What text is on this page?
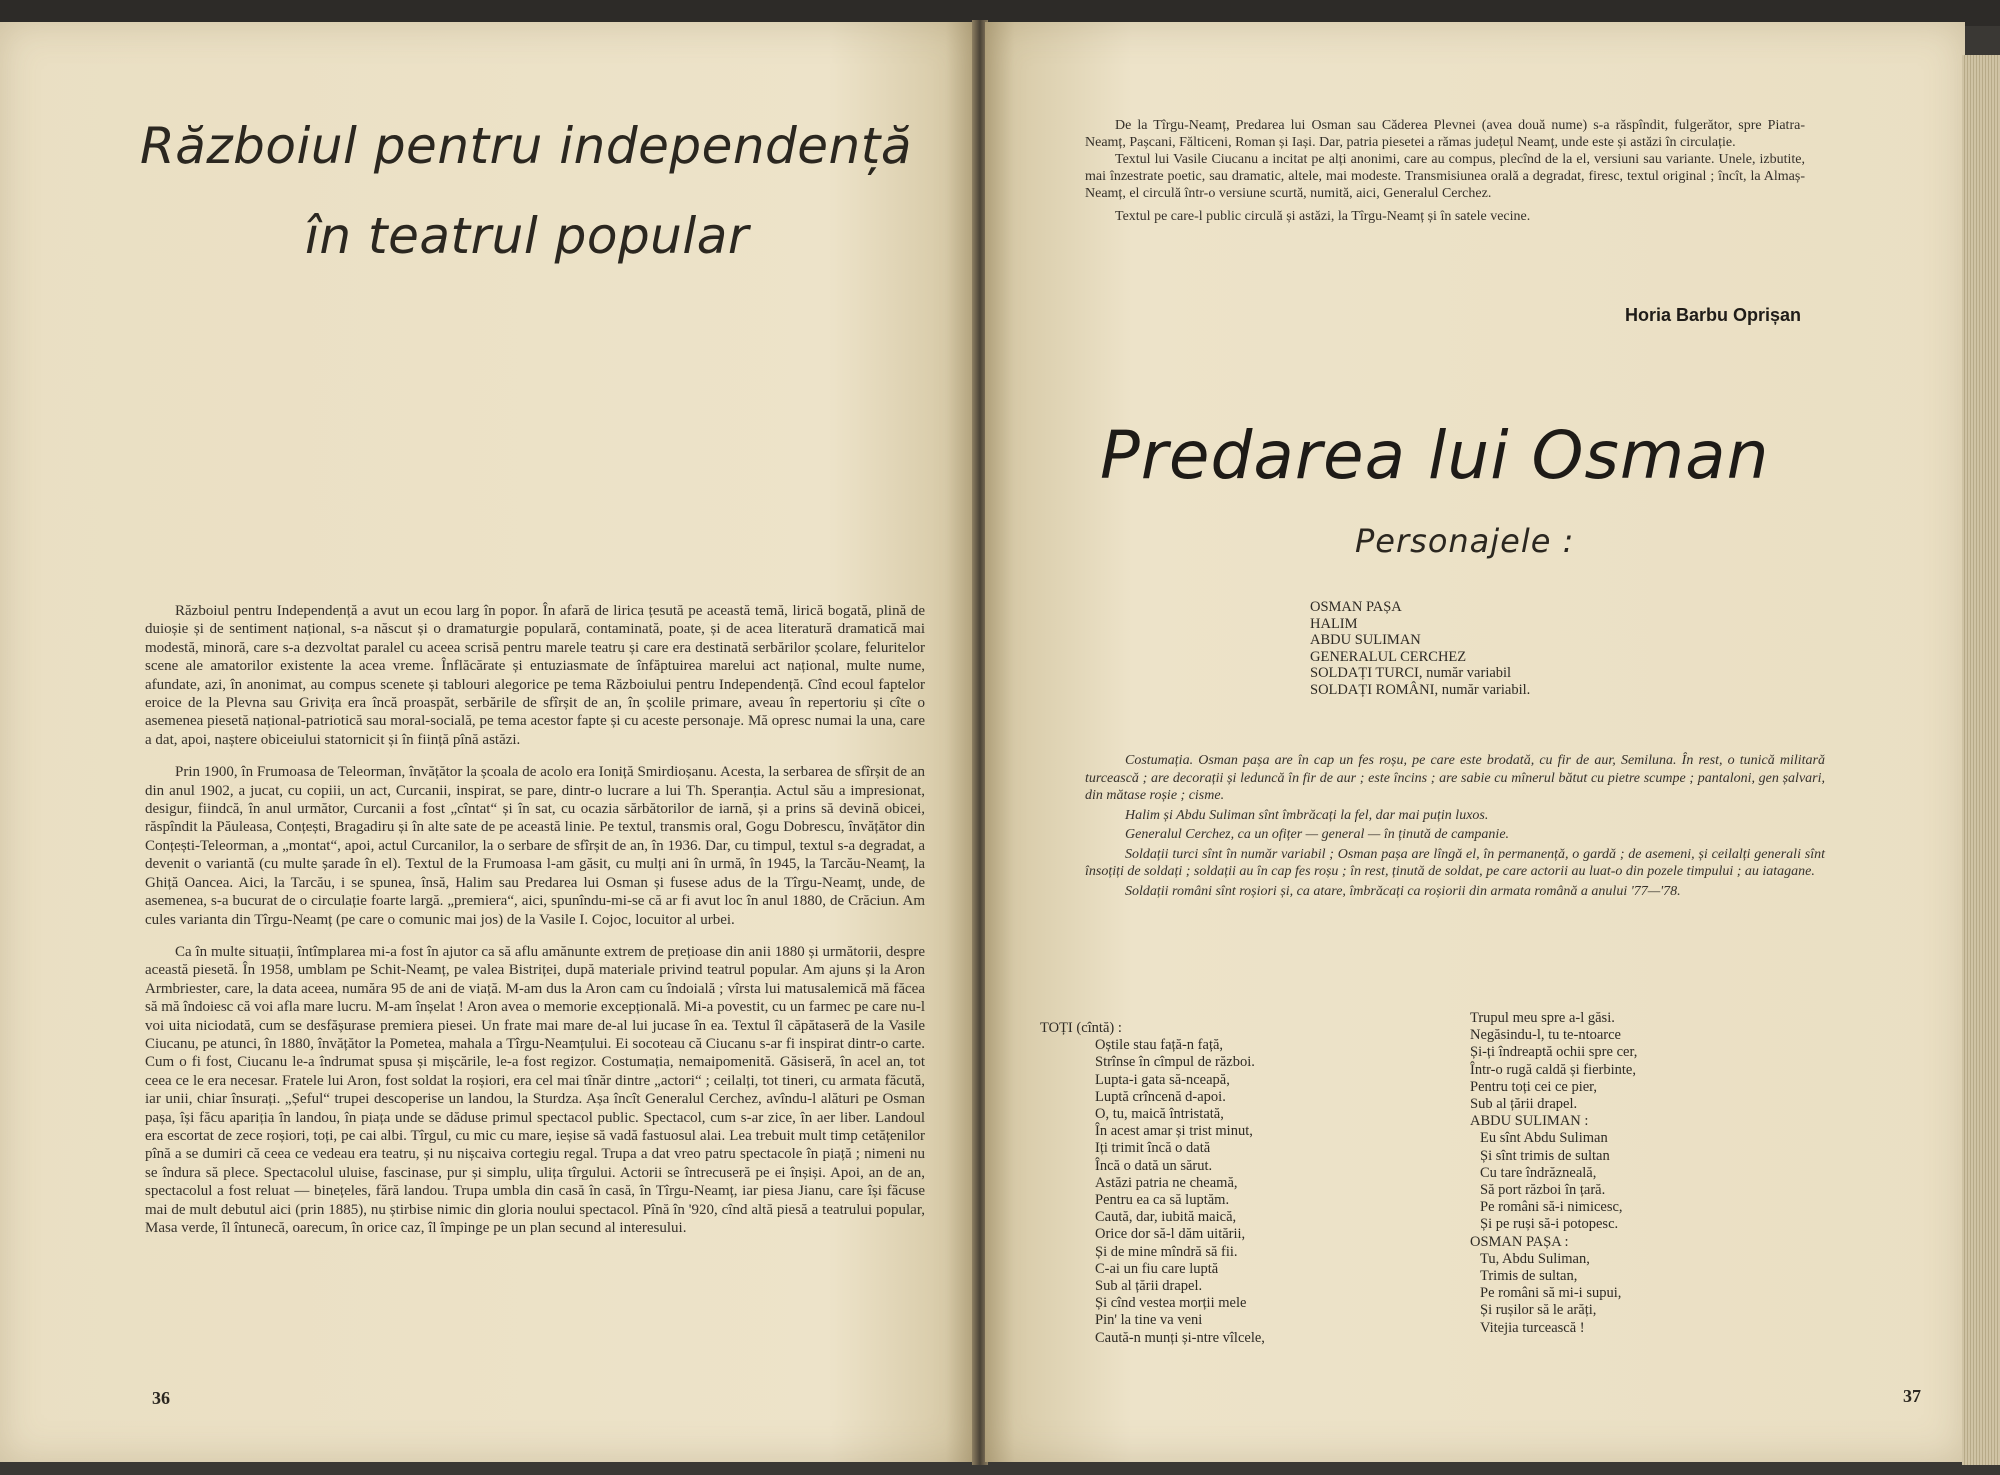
Războiul pentru independență
în teatrul popular

Războiul pentru Independență a avut un ecou larg în popor. În afară de lirica țesută pe această temă, lirică bogată, plină de duioșie și de sentiment național, s-a născut și o dramaturgie populară, contaminată, poate, și de acea literatură dramatică mai modestă, minoră, care s-a dezvoltat paralel cu aceea scrisă pentru marele teatru și care era destinată serbărilor școlare, feluritelor scene ale amatorilor existente la acea vreme. Înflăcărate și entuziasmate de înfăptuirea marelui act național, multe nume, afundate, azi, în anonimat, au compus scenete și tablouri alegorice pe tema Războiului pentru Independență. Cînd ecoul faptelor eroice de la Plevna sau Grivița era încă proaspăt, serbările de sfîrșit de an, în școlile primare, aveau în repertoriu și cîte o asemenea piesetă național-patriotică sau moral-socială, pe tema acestor fapte și cu aceste personaje. Mă opresc numai la una, care a dat, apoi, naștere obiceiului statornicit și în ființă pînă astăzi.

Prin 1900, în Frumoasa de Teleorman, învățător la școala de acolo era Ioniță Smirdioșanu. Acesta, la serbarea de sfîrșit de an din anul 1902, a jucat, cu copiii, un act, Curcanii, inspirat, se pare, dintr-o lucrare a lui Th. Speranția. Actul său a impresionat, desigur, fiindcă, în anul următor, Curcanii a fost „cîntat“ și în sat, cu ocazia sărbătorilor de iarnă, și a prins să devină obicei, răspîndit la Păuleasa, Conțești, Bragadiru și în alte sate de pe această linie. Pe textul, transmis oral, Gogu Dobrescu, învățător din Conțești-Teleorman, a „montat“, apoi, actul Curcanilor, la o serbare de sfîrșit de an, în 1936. Dar, cu timpul, textul s-a degradat, a devenit o variantă (cu multe șarade în el). Textul de la Frumoasa l-am găsit, cu mulți ani în urmă, în 1945, la Tarcău-Neamț, la Ghiță Oancea. Aici, la Tarcău, i se spunea, însă, Halim sau Predarea lui Osman și fusese adus de la Tîrgu-Neamț, unde, de asemenea, s-a bucurat de o circulație foarte largă. „premiera“, aici, spunîndu-mi-se că ar fi avut loc în anul 1880, de Crăciun. Am cules varianta din Tîrgu-Neamț (pe care o comunic mai jos) de la Vasile I. Cojoc, locuitor al urbei.

Ca în multe situații, întîmplarea mi-a fost în ajutor ca să aflu amănunte extrem de prețioase din anii 1880 și următorii, despre această piesetă. În 1958, umblam pe Schit-Neamț, pe valea Bistriței, după materiale privind teatrul popular. Am ajuns și la Aron Armbriester, care, la data aceea, număra 95 de ani de viață. M-am dus la Aron cam cu îndoială ; vîrsta lui matusalemică mă făcea să mă îndoiesc că voi afla mare lucru. M-am înșelat ! Aron avea o memorie excepțională. Mi-a povestit, cu un farmec pe care nu-l voi uita niciodată, cum se desfășurase premiera piesei. Un frate mai mare de-al lui jucase în ea. Textul îl căpătaseră de la Vasile Ciucanu, pe atunci, în 1880, învățător la Pometea, mahala a Tîrgu-Neamțului. Ei socoteau că Ciucanu s-ar fi inspirat dintr-o carte. Cum o fi fost, Ciucanu le-a îndrumat spusa și mișcările, le-a fost regizor. Costumația, nemaipomenită. Găsiseră, în acel an, tot ceea ce le era necesar. Fratele lui Aron, fost soldat la roșiori, era cel mai tînăr dintre „actori“ ; ceilalți, tot tineri, cu armata făcută, iar unii, chiar însurați. „Șeful“ trupei descoperise un landou, la Sturdza. Așa încît Generalul Cerchez, avîndu-l alături pe Osman pașa, își făcu apariția în landou, în piața unde se dăduse primul spectacol public. Spectacol, cum s-ar zice, în aer liber. Landoul era escortat de zece roșiori, toți, pe cai albi. Tîrgul, cu mic cu mare, ieșise să vadă fastuosul alai. Lea trebuit mult timp cetățenilor pînă a se dumiri că ceea ce vedeau era teatru, și nu nișcaiva cortegiu regal. Trupa a dat vreo patru spectacole în piață ; nimeni nu se îndura să plece. Spectacolul uluise, fascinase, pur și simplu, ulița tîrgului. Actorii se întrecuseră pe ei înșiși. Apoi, an de an, spectacolul a fost reluat — binețeles, fără landou. Trupa umbla din casă în casă, în Tîrgu-Neamț, iar piesa Jianu, care își făcuse mai de mult debutul aici (prin 1885), nu știrbise nimic din gloria noului spectacol. Pînă în '920, cînd altă piesă a teatrului popular, Masa verde, îl întunecă, oarecum, în orice caz, îl împinge pe un plan secund al interesului.

36

De la Tîrgu-Neamț, Predarea lui Osman sau Căderea Plevnei (avea două nume) s-a răspîndit, fulgerător, spre Piatra-Neamț, Pașcani, Fălticeni, Roman și Iași. Dar, patria piesetei a rămas județul Neamț, unde este și astăzi în circulație.

Textul lui Vasile Ciucanu a incitat pe alți anonimi, care au compus, plecînd de la el, versiuni sau variante. Unele, izbutite, mai înzestrate poetic, sau dramatic, altele, mai modeste. Transmisiunea orală a degradat, firesc, textul original ; încît, la Almaș-Neamț, el circulă într-o versiune scurtă, numită, aici, Generalul Cerchez.

Textul pe care-l public circulă și astăzi, la Tîrgu-Neamț și în satele vecine.

Horia Barbu Oprișan
Predarea lui Osman
Personajele :
OSMAN PAȘA
HALIM
ABDU SULIMAN
GENERALUL CERCHEZ
SOLDAȚI TURCI, număr variabil
SOLDAȚI ROMÂNI, număr variabil.

Costumația. Osman pașa are în cap un fes roșu, pe care este brodată, cu fir de aur, Semiluna. În rest, o tunică militară turcească ; are decorații și leduncă în fir de aur ; este încins ; are sabie cu mînerul bătut cu pietre scumpe ; pantaloni, gen șalvari, din mătase roșie ; cisme.

Halim și Abdu Suliman sînt îmbrăcați la fel, dar mai puțin luxos.

Generalul Cerchez, ca un ofițer — general — în ținută de campanie.

Soldații turci sînt în număr variabil ; Osman pașa are lîngă el, în permanență, o gardă ; de asemeni, și ceilalți generali sînt însoțiți de soldați ; soldații au în cap fes roșu ; în rest, ținută de soldat, pe care actorii au luat-o din pozele timpului ; au iatagane.

Soldații români sînt roșiori și, ca atare, îmbrăcați ca roșiorii din armata română a anului '77—'78.

TOȚI (cîntă) :
Oștile stau față-n față,
Strînse în cîmpul de război.
Lupta-i gata să-nceapă,
Luptă crîncenă d-apoi.
O, tu, maică întristată,
În acest amar și trist minut,
Iți trimit încă o dată
Încă o dată un sărut.
Astăzi patria ne cheamă,
Pentru ea ca să luptăm.
Caută, dar, iubită maică,
Orice dor să-l dăm uitării,
Și de mine mîndră să fii.
C-ai un fiu care luptă
Sub al țării drapel.
Și cînd vestea morții mele
Pin' la tine va veni
Caută-n munți și-ntre vîlcele,
Trupul meu spre a-l găsi.
Negăsindu-l, tu te-ntoarce
Și-ți îndreaptă ochii spre cer,
Într-o rugă caldă și fierbinte,
Pentru toți cei ce pier,
Sub al țării drapel.
ABDU SULIMAN :
Eu sînt Abdu Suliman
Și sînt trimis de sultan
Cu tare îndrăzneală,
Să port război în țară.
Pe români să-i nimicesc,
Și pe ruși să-i potopesc.
OSMAN PAȘA :
Tu, Abdu Suliman,
Trimis de sultan,
Pe români să mi-i supui,
Și rușilor să le arăți,
Vitejia turcească !
37
